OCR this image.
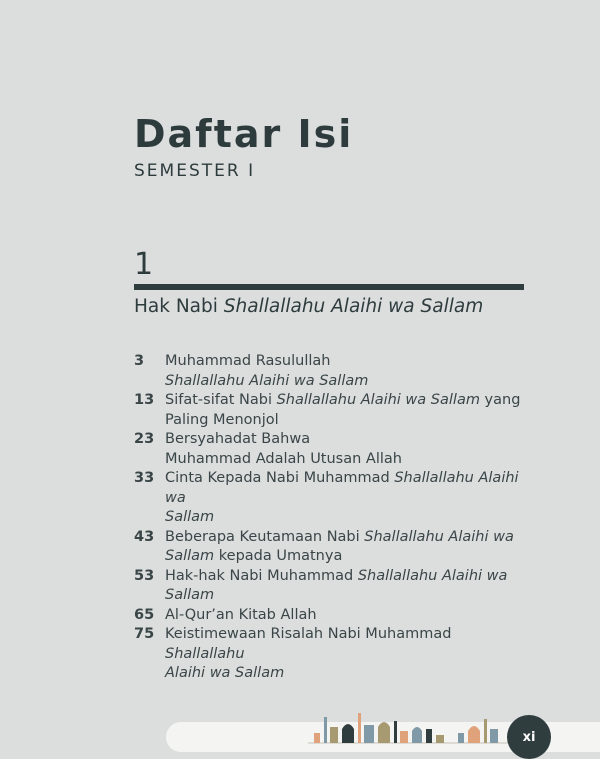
Daftar Isi
SEMESTER I
1
Hak Nabi Shallallahu Alaihi wa Sallam
3	Muhammad Rasulullah
Shallallahu Alaihi wa Sallam
13 Sifat-sifat Nabi Shallallahu Alaihi wa Sallam yang
Paling Menonjol
23 Bersyahadat Bahwa
Muhammad Adalah Utusan Allah
33 Cinta Kepada Nabi Muhammad Shallallahu Alaihi wa
Sallam
43 Beberapa Keutamaan Nabi Shallallahu Alaihi wa
Sallam kepada Umatnya
53 Hak-hak Nabi Muhammad Shallallahu Alaihi wa
Sallam
65 Al-Qur’an Kitab Allah
75 Keistimewaan Risalah Nabi Muhammad Shallallahu
Alaihi wa Sallam
xi
